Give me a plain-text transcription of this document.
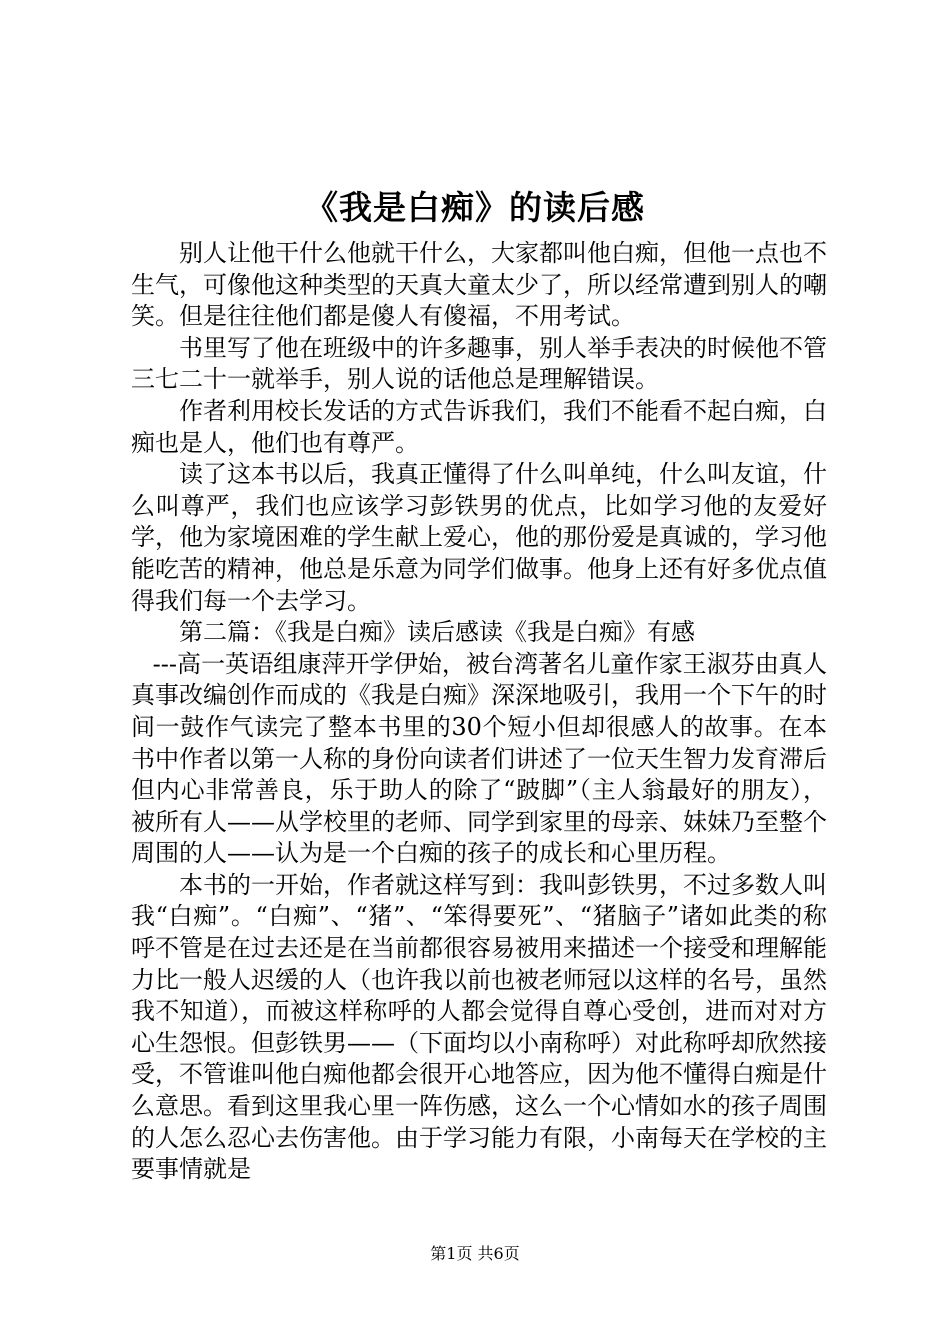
《我是白痴》的读后感

别人让他干什么他就干什么，大家都叫他白痴，但他一点也不生气，可像他这种类型的天真大童太少了，所以经常遭到别人的嘲笑。但是往往他们都是傻人有傻福，不用考试。

书里写了他在班级中的许多趣事，别人举手表决的时候他不管三七二十一就举手，别人说的话他总是理解错误。

作者利用校长发话的方式告诉我们，我们不能看不起白痴，白痴也是人，他们也有尊严。

读了这本书以后，我真正懂得了什么叫单纯，什么叫友谊，什么叫尊严，我们也应该学习彭铁男的优点，比如学习他的友爱好学，他为家境困难的学生献上爱心，他的那份爱是真诚的，学习他能吃苦的精神，他总是乐意为同学们做事。他身上还有好多优点值得我们每一个去学习。

第二篇：《我是白痴》读后感读《我是白痴》有感

---高一英语组康萍开学伊始，被台湾著名儿童作家王淑芬由真人真事改编创作而成的《我是白痴》深深地吸引，我用一个下午的时间一鼓作气读完了整本书里的30个短小但却很感人的故事。在本书中作者以第一人称的身份向读者们讲述了一位天生智力发育滞后但内心非常善良，乐于助人的除了“跛脚”（主人翁最好的朋友），被所有人——从学校里的老师、同学到家里的母亲、妹妹乃至整个周围的人——认为是一个白痴的孩子的成长和心里历程。

本书的一开始，作者就这样写到：我叫彭铁男，不过多数人叫我“白痴”。“白痴”、“猪”、“笨得要死”、“猪脑子”诸如此类的称呼不管是在过去还是在当前都很容易被用来描述一个接受和理解能力比一般人迟缓的人（也许我以前也被老师冠以这样的名号，虽然我不知道），而被这样称呼的人都会觉得自尊心受创，进而对对方心生怨恨。但彭铁男——（下面均以小南称呼）对此称呼却欣然接受，不管谁叫他白痴他都会很开心地答应，因为他不懂得白痴是什么意思。看到这里我心里一阵伤感，这么一个心情如水的孩子周围的人怎么忍心去伤害他。由于学习能力有限，小南每天在学校的主要事情就是

第1页 共6页
